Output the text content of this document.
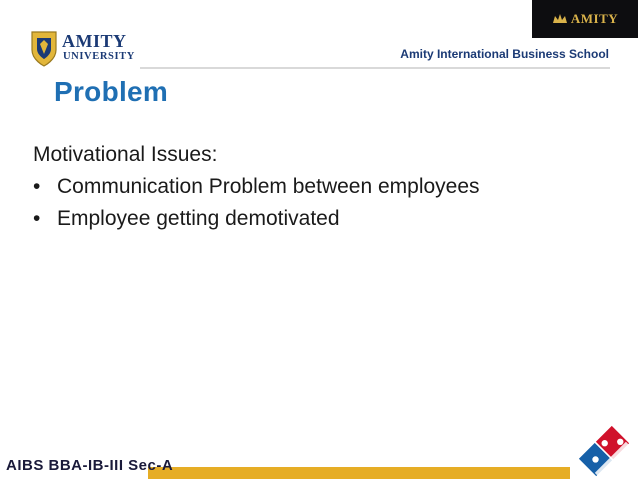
AMITY
AMITY
UNIVERSITY	Amity International Business School
Problem
Motivational Issues:
• Communication Problem between employees
• Employee getting demotivated
AIBS BBA-IB-III Sec-A
